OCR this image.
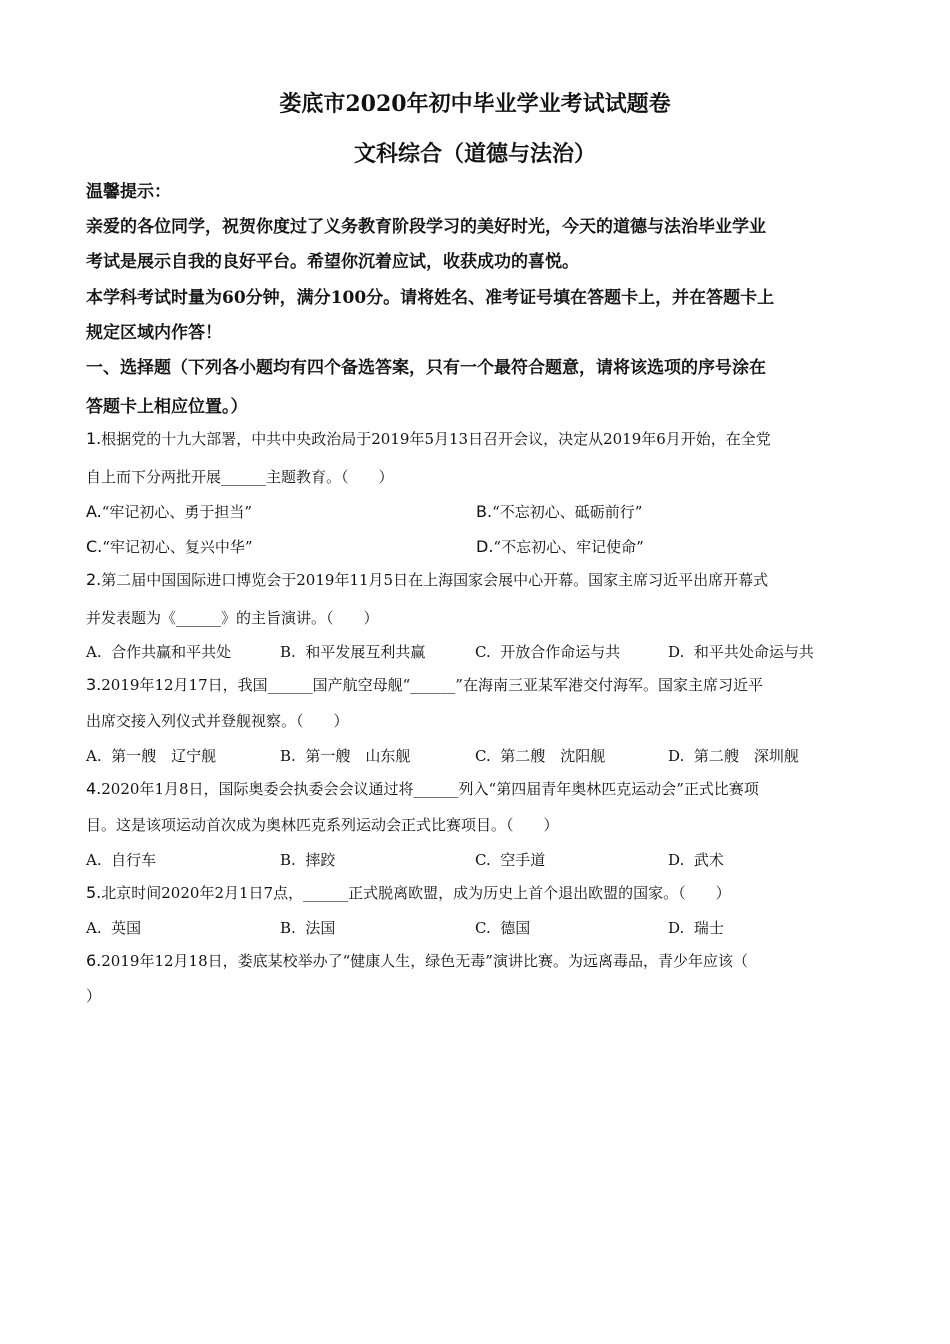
娄底市2020年初中毕业学业考试试题卷
文科综合（道德与法治）
温馨提示：
亲爱的各位同学，祝贺你度过了义务教育阶段学习的美好时光，今天的道德与法治毕业学业
考试是展示自我的良好平台。希望你沉着应试，收获成功的喜悦。
本学科考试时量为60分钟，满分100分。请将姓名、准考证号填在答题卡上，并在答题卡上
规定区域内作答！
一、选择题（下列各小题均有四个备选答案，只有一个最符合题意，请将该选项的序号涂在
答题卡上相应位置。）
1.根据党的十九大部署，中共中央政治局于2019年5月13日召开会议，决定从2019年6月开始，在全党
自上而下分两批开展______主题教育。（　　）
A.“牢记初心、勇于担当”	B.“不忘初心、砥砺前行”
C.“牢记初心、复兴中华”	D.“不忘初心、牢记使命”
2.第二届中国国际进口博览会于2019年11月5日在上海国家会展中心开幕。国家主席习近平出席开幕式
并发表题为《______》的主旨演讲。（　　）
A. 合作共赢和平共处	B. 和平发展互利共赢	C. 开放合作命运与共	D. 和平共处命运与共
3.2019年12月17日，我国______国产航空母舰“______”在海南三亚某军港交付海军。国家主席习近平
出席交接入列仪式并登舰视察。（　　）
A. 第一艘　辽宁舰	B. 第一艘　山东舰	C. 第二艘　沈阳舰	D. 第二艘　深圳舰
4.2020年1月8日，国际奥委会执委会会议通过将______列入“第四届青年奥林匹克运动会”正式比赛项
目。这是该项运动首次成为奥林匹克系列运动会正式比赛项目。（　　）
A. 自行车	B. 摔跤	C. 空手道	D. 武术
5.北京时间2020年2月1日7点，______正式脱离欧盟，成为历史上首个退出欧盟的国家。（　　）
A. 英国	B. 法国	C. 德国	D. 瑞士
6.2019年12月18日，娄底某校举办了“健康人生，绿色无毒”演讲比赛。为远离毒品，青少年应该（
）
